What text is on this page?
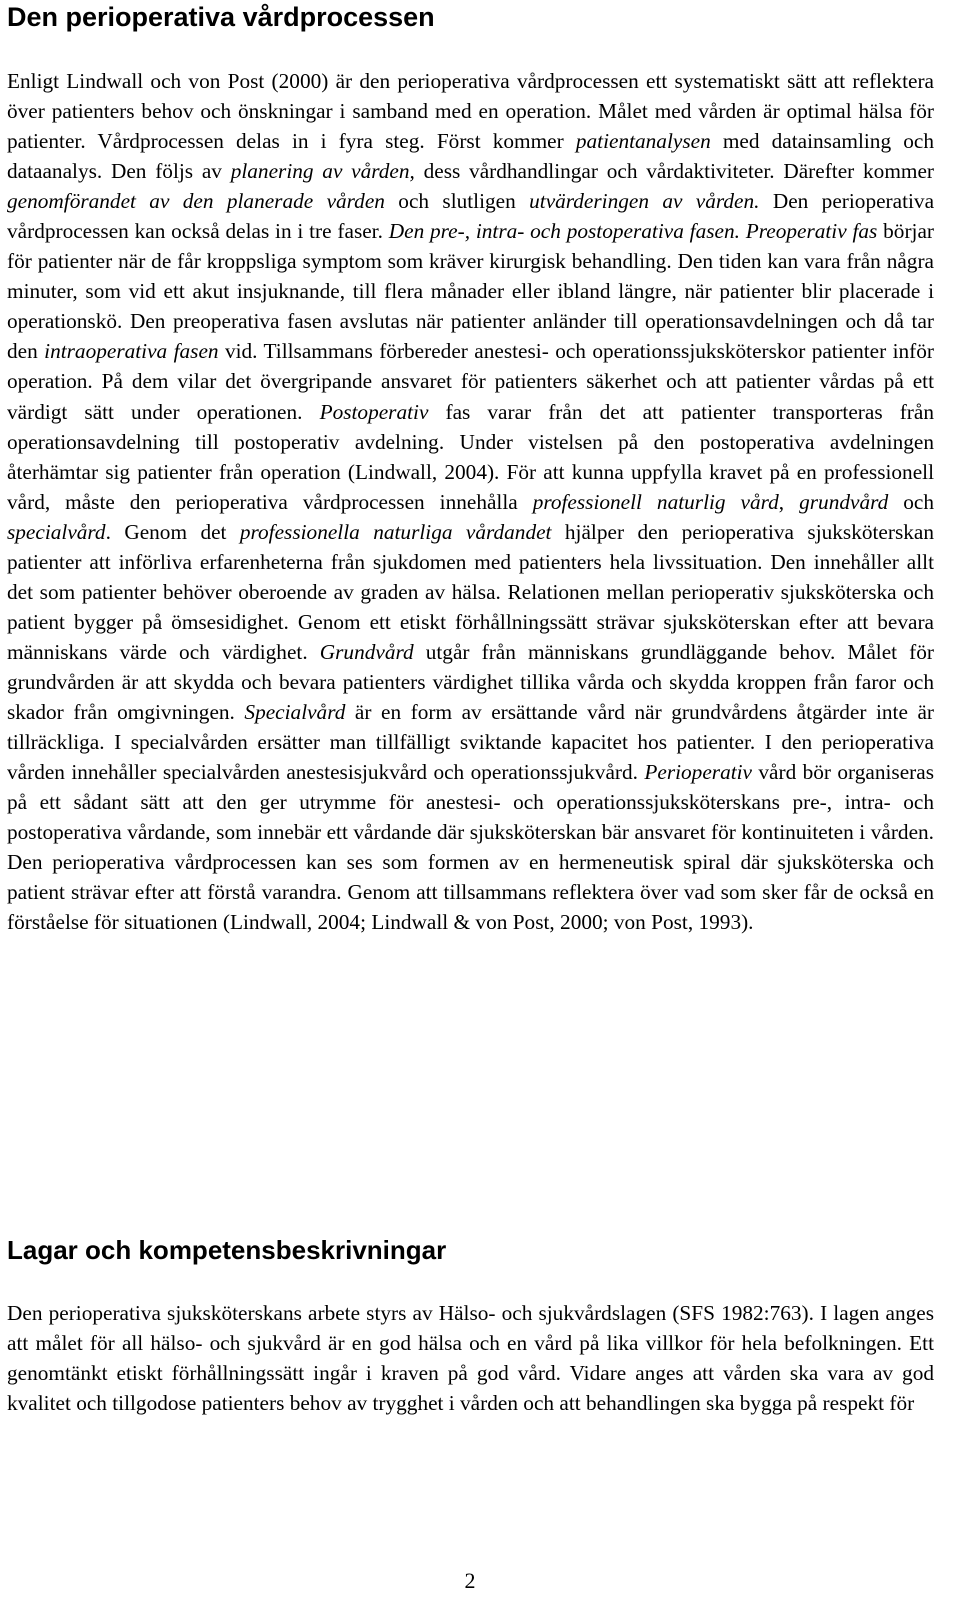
Den perioperativa vårdprocessen

Enligt Lindwall och von Post (2000) är den perioperativa vårdprocessen ett systematiskt sätt att reflektera över patienters behov och önskningar i samband med en operation. Målet med vården är optimal hälsa för patienter. Vårdprocessen delas in i fyra steg. Först kommer patientanalysen med datainsamling och dataanalys. Den följs av planering av vården, dess vårdhandlingar och vårdaktiviteter. Därefter kommer genomförandet av den planerade vården och slutligen utvärderingen av vården. Den perioperativa vårdprocessen kan också delas in i tre faser. Den pre-, intra- och postoperativa fasen. Preoperativ fas börjar för patienter när de får kroppsliga symptom som kräver kirurgisk behandling. Den tiden kan vara från några minuter, som vid ett akut insjuknande, till flera månader eller ibland längre, när patienter blir placerade i operationskö. Den preoperativa fasen avslutas när patienter anländer till operationsavdelningen och då tar den intraoperativa fasen vid. Tillsammans förbereder anestesi- och operationssjuksköterskor patienter inför operation. På dem vilar det övergripande ansvaret för patienters säkerhet och att patienter vårdas på ett värdigt sätt under operationen. Postoperativ fas varar från det att patienter transporteras från operationsavdelning till postoperativ avdelning. Under vistelsen på den postoperativa avdelningen återhämtar sig patienter från operation (Lindwall, 2004). För att kunna uppfylla kravet på en professionell vård, måste den perioperativa vårdprocessen innehålla professionell naturlig vård, grundvård och specialvård. Genom det professionella naturliga vårdandet hjälper den perioperativa sjuksköterskan patienter att införliva erfarenheterna från sjukdomen med patienters hela livssituation. Den innehåller allt det som patienter behöver oberoende av graden av hälsa. Relationen mellan perioperativ sjuksköterska och patient bygger på ömsesidighet. Genom ett etiskt förhållningssätt strävar sjuksköterskan efter att bevara människans värde och värdighet. Grundvård utgår från människans grundläggande behov. Målet för grundvården är att skydda och bevara patienters värdighet tillika vårda och skydda kroppen från faror och skador från omgivningen. Specialvård är en form av ersättande vård när grundvårdens åtgärder inte är tillräckliga. I specialvården ersätter man tillfälligt sviktande kapacitet hos patienter. I den perioperativa vården innehåller specialvården anestesisjukvård och operationssjukvård. Perioperativ vård bör organiseras på ett sådant sätt att den ger utrymme för anestesi- och operationssjuksköterskans pre-, intra- och postoperativa vårdande, som innebär ett vårdande där sjuksköterskan bär ansvaret för kontinuiteten i vården. Den perioperativa vårdprocessen kan ses som formen av en hermeneutisk spiral där sjuksköterska och patient strävar efter att förstå varandra. Genom att tillsammans reflektera över vad som sker får de också en förståelse för situationen (Lindwall, 2004; Lindwall & von Post, 2000; von Post, 1993).

Lagar och kompetensbeskrivningar

Den perioperativa sjuksköterskans arbete styrs av Hälso- och sjukvårdslagen (SFS 1982:763). I lagen anges att målet för all hälso- och sjukvård är en god hälsa och en vård på lika villkor för hela befolkningen. Ett genomtänkt etiskt förhållningssätt ingår i kraven på god vård. Vidare anges att vården ska vara av god kvalitet och tillgodose patienters behov av trygghet i vården och att behandlingen ska bygga på respekt för

2
